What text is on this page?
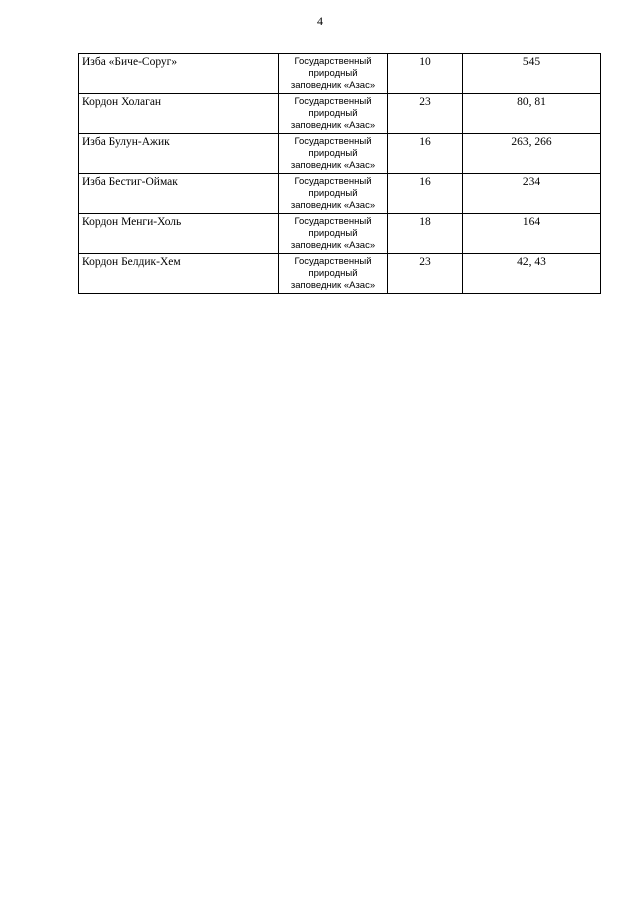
4
Изба «Биче-Соруг»	Государственный
природный
заповедник «Азас»	10	545
Кордон Холаган	Государственный
природный
заповедник «Азас»	23	80, 81
Изба Булун-Ажик	Государственный
природный
заповедник «Азас»	16	263, 266
Изба Бестиг-Оймак	Государственный
природный
заповедник «Азас»	16	234
Кордон Менги-Холь	Государственный
природный
заповедник «Азас»	18	164
Кордон Белдик-Хем	Государственный
природный
заповедник «Азас»	23	42, 43
